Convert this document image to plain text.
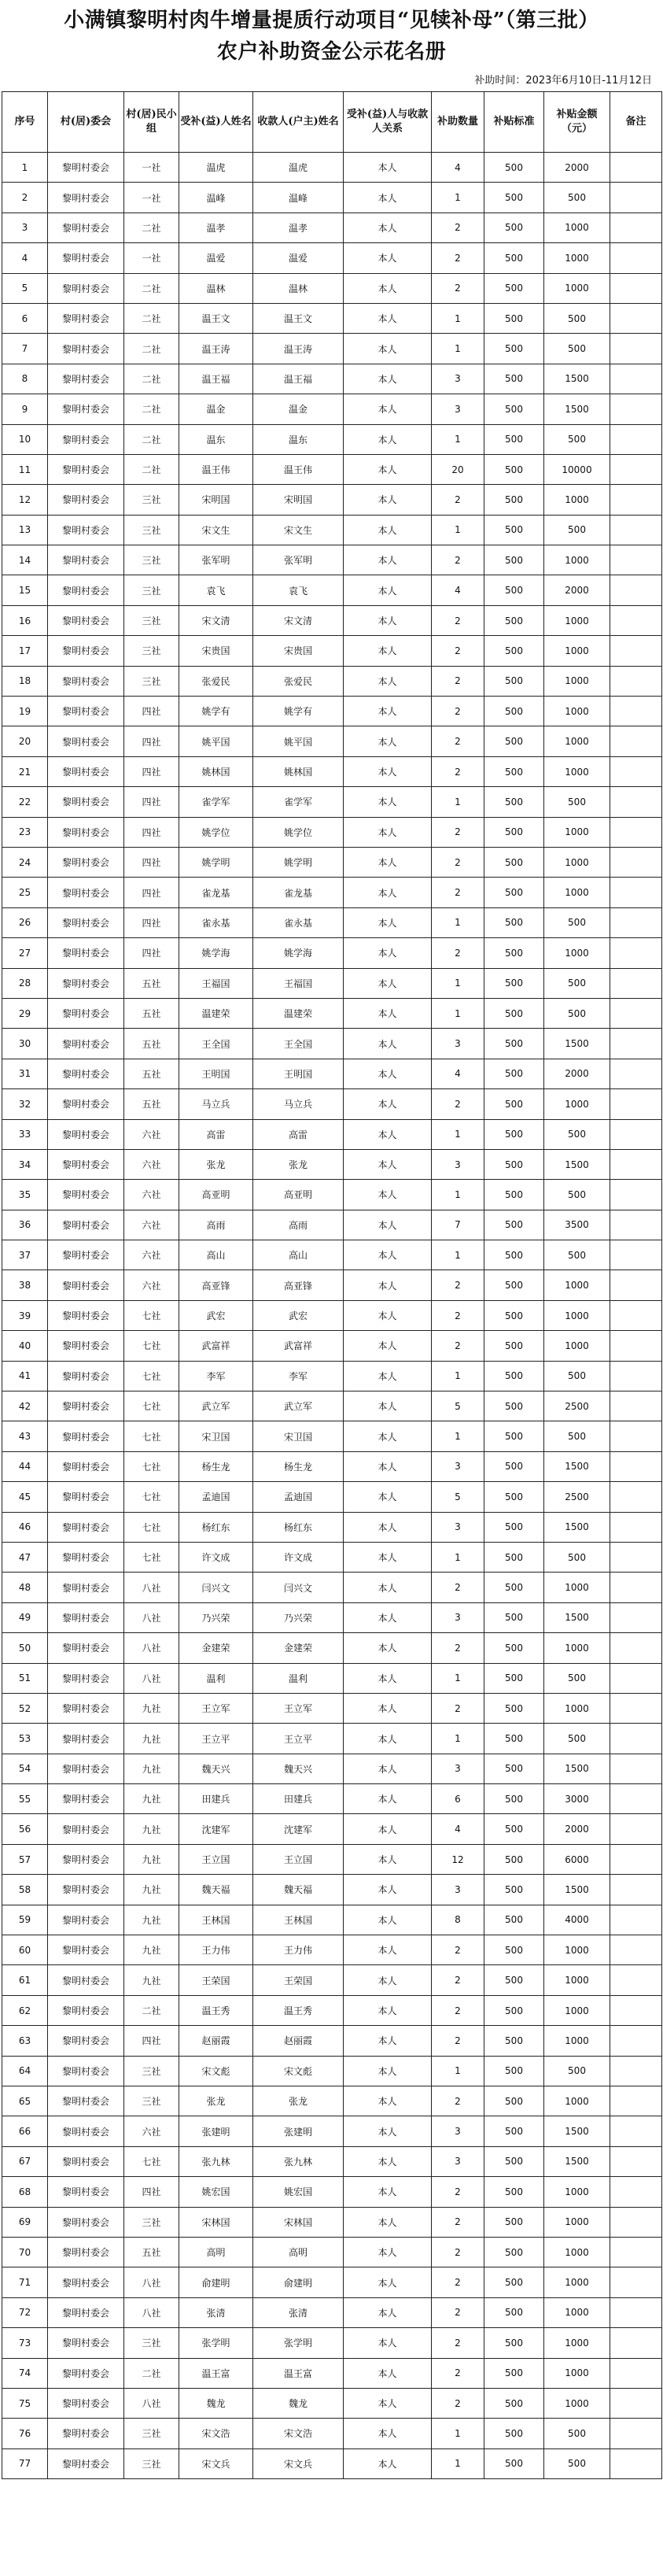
小满镇黎明村肉牛增量提质行动项目“见犊补母”（第三批）
农户补助资金公示花名册
补助时间：2023年6月10日-11月12日
序号	村(居)委会	村(居)民小组	受补(益)人姓名	收款人(户主)姓名	受补(益)人与收款人关系	补助数量	补贴标准	补贴金额（元）	备注
1	黎明村委会	一社	温虎	温虎	本人	4	500	2000	
2	黎明村委会	一社	温峰	温峰	本人	1	500	500	
3	黎明村委会	二社	温孝	温孝	本人	2	500	1000	
4	黎明村委会	一社	温爱	温爱	本人	2	500	1000	
5	黎明村委会	二社	温林	温林	本人	2	500	1000	
6	黎明村委会	二社	温王文	温王文	本人	1	500	500	
7	黎明村委会	二社	温王涛	温王涛	本人	1	500	500	
8	黎明村委会	二社	温王福	温王福	本人	3	500	1500	
9	黎明村委会	二社	温金	温金	本人	3	500	1500	
10	黎明村委会	二社	温东	温东	本人	1	500	500	
11	黎明村委会	二社	温王伟	温王伟	本人	20	500	10000	
12	黎明村委会	三社	宋明国	宋明国	本人	2	500	1000	
13	黎明村委会	三社	宋文生	宋文生	本人	1	500	500	
14	黎明村委会	三社	张军明	张军明	本人	2	500	1000	
15	黎明村委会	三社	袁飞	袁飞	本人	4	500	2000	
16	黎明村委会	三社	宋文清	宋文清	本人	2	500	1000	
17	黎明村委会	三社	宋贵国	宋贵国	本人	2	500	1000	
18	黎明村委会	三社	张爱民	张爱民	本人	2	500	1000	
19	黎明村委会	四社	姚学有	姚学有	本人	2	500	1000	
20	黎明村委会	四社	姚平国	姚平国	本人	2	500	1000	
21	黎明村委会	四社	姚林国	姚林国	本人	2	500	1000	
22	黎明村委会	四社	雀学军	雀学军	本人	1	500	500	
23	黎明村委会	四社	姚学位	姚学位	本人	2	500	1000	
24	黎明村委会	四社	姚学明	姚学明	本人	2	500	1000	
25	黎明村委会	四社	雀龙基	雀龙基	本人	2	500	1000	
26	黎明村委会	四社	雀永基	雀永基	本人	1	500	500	
27	黎明村委会	四社	姚学海	姚学海	本人	2	500	1000	
28	黎明村委会	五社	王福国	王福国	本人	1	500	500	
29	黎明村委会	五社	温建荣	温建荣	本人	1	500	500	
30	黎明村委会	五社	王全国	王全国	本人	3	500	1500	
31	黎明村委会	五社	王明国	王明国	本人	4	500	2000	
32	黎明村委会	五社	马立兵	马立兵	本人	2	500	1000	
33	黎明村委会	六社	高雷	高雷	本人	1	500	500	
34	黎明村委会	六社	张龙	张龙	本人	3	500	1500	
35	黎明村委会	六社	高亚明	高亚明	本人	1	500	500	
36	黎明村委会	六社	高雨	高雨	本人	7	500	3500	
37	黎明村委会	六社	高山	高山	本人	1	500	500	
38	黎明村委会	六社	高亚锋	高亚锋	本人	2	500	1000	
39	黎明村委会	七社	武宏	武宏	本人	2	500	1000	
40	黎明村委会	七社	武富祥	武富祥	本人	2	500	1000	
41	黎明村委会	七社	李军	李军	本人	1	500	500	
42	黎明村委会	七社	武立军	武立军	本人	5	500	2500	
43	黎明村委会	七社	宋卫国	宋卫国	本人	1	500	500	
44	黎明村委会	七社	杨生龙	杨生龙	本人	3	500	1500	
45	黎明村委会	七社	孟迪国	孟迪国	本人	5	500	2500	
46	黎明村委会	七社	杨红东	杨红东	本人	3	500	1500	
47	黎明村委会	七社	许文成	许文成	本人	1	500	500	
48	黎明村委会	八社	闫兴文	闫兴文	本人	2	500	1000	
49	黎明村委会	八社	乃兴荣	乃兴荣	本人	3	500	1500	
50	黎明村委会	八社	金建荣	金建荣	本人	2	500	1000	
51	黎明村委会	八社	温利	温利	本人	1	500	500	
52	黎明村委会	九社	王立军	王立军	本人	2	500	1000	
53	黎明村委会	九社	王立平	王立平	本人	1	500	500	
54	黎明村委会	九社	魏天兴	魏天兴	本人	3	500	1500	
55	黎明村委会	九社	田建兵	田建兵	本人	6	500	3000	
56	黎明村委会	九社	沈建军	沈建军	本人	4	500	2000	
57	黎明村委会	九社	王立国	王立国	本人	12	500	6000	
58	黎明村委会	九社	魏天福	魏天福	本人	3	500	1500	
59	黎明村委会	九社	王林国	王林国	本人	8	500	4000	
60	黎明村委会	九社	王力伟	王力伟	本人	2	500	1000	
61	黎明村委会	九社	王荣国	王荣国	本人	2	500	1000	
62	黎明村委会	二社	温王秀	温王秀	本人	2	500	1000	
63	黎明村委会	四社	赵丽霞	赵丽霞	本人	2	500	1000	
64	黎明村委会	三社	宋文彪	宋文彪	本人	1	500	500	
65	黎明村委会	三社	张龙	张龙	本人	2	500	1000	
66	黎明村委会	六社	张建明	张建明	本人	3	500	1500	
67	黎明村委会	七社	张九林	张九林	本人	3	500	1500	
68	黎明村委会	四社	姚宏国	姚宏国	本人	2	500	1000	
69	黎明村委会	三社	宋林国	宋林国	本人	2	500	1000	
70	黎明村委会	五社	高明	高明	本人	2	500	1000	
71	黎明村委会	八社	俞建明	俞建明	本人	2	500	1000	
72	黎明村委会	八社	张清	张清	本人	2	500	1000	
73	黎明村委会	三社	张学明	张学明	本人	2	500	1000	
74	黎明村委会	二社	温王富	温王富	本人	2	500	1000	
75	黎明村委会	八社	魏龙	魏龙	本人	2	500	1000	
76	黎明村委会	三社	宋文浩	宋文浩	本人	1	500	500	
77	黎明村委会	三社	宋文兵	宋文兵	本人	1	500	500	
